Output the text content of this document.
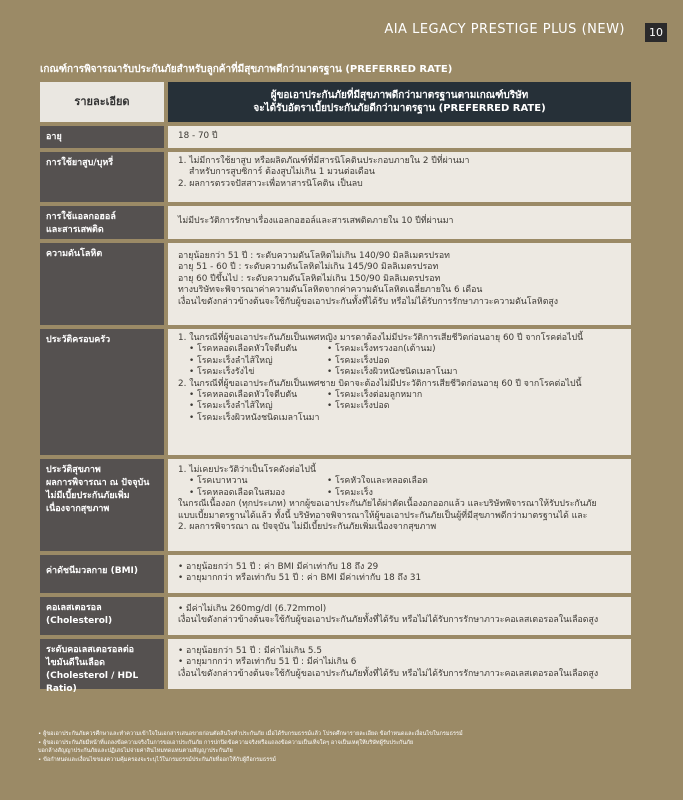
AIA LEGACY PRESTIGE PLUS (NEW)	10
เกณฑ์การพิจารณารับประกันภัยสำหรับลูกค้าที่มีสุขภาพดีกว่ามาตรฐาน (PREFERRED RATE)
รายละเอียด	ผู้ขอเอาประกันภัยที่มีสุขภาพดีกว่ามาตรฐานตามเกณฑ์บริษัท
จะได้รับอัตราเบี้ยประกันภัยดีกว่ามาตรฐาน (PREFERRED RATE)
อายุ	18 - 70 ปี
การใช้ยาสูบ/บุหรี่	1. ไม่มีการใช้ยาสูบ หรือผลิตภัณฑ์ที่มีสารนิโคตินประกอบภายใน 2 ปีที่ผ่านมา
สำหรับการสูบซิการ์ ต้องสูบไม่เกิน 1 มวนต่อเดือน
2. ผลการตรวจปัสสาวะเพื่อหาสารนิโคติน เป็นลบ
การใช้แอลกอฮอล์
และสารเสพติด
ไม่มีประวัติการรักษาเรื่องแอลกอฮอล์และสารเสพติดภายใน 10 ปีที่ผ่านมา
ความดันโลหิต	อายุน้อยกว่า 51 ปี : ระดับความดันโลหิตไม่เกิน 140/90 มิลลิเมตรปรอท
อายุ 51 - 60 ปี : ระดับความดันโลหิตไม่เกิน 145/90 มิลลิเมตรปรอท
อายุ 60 ปีขึ้นไป : ระดับความดันโลหิตไม่เกิน 150/90 มิลลิเมตรปรอท
ทางบริษัทจะพิจารณาค่าความดันโลหิตจากค่าความดันโลหิตเฉลี่ยภายใน 6 เดือน
เงื่อนไขดังกล่าวข้างต้นจะใช้กับผู้ขอเอาประกันทั้งที่ได้รับ หรือไม่ได้รับการรักษาภาวะความดันโลหิตสูง
ประวัติครอบครัว	1. ในกรณีที่ผู้ขอเอาประกันภัยเป็นเพศหญิง มารดาต้องไม่มีประวัติการเสียชีวิตก่อนอายุ 60 ปี จากโรคต่อไปนี้
• โรคหลอดเลือดหัวใจตีบตัน	• โรคมะเร็งทรวงอก(เต้านม)
• โรคมะเร็งลำไส้ใหญ่	• โรคมะเร็งปอด
• โรคมะเร็งรังไข่	• โรคมะเร็งผิวหนังชนิดเมลาโนมา
2. ในกรณีที่ผู้ขอเอาประกันภัยเป็นเพศชาย บิดาจะต้องไม่มีประวัติการเสียชีวิตก่อนอายุ 60 ปี จากโรคต่อไปนี้
• โรคหลอดเลือดหัวใจตีบตัน	• โรคมะเร็งต่อมลูกหมาก
• โรคมะเร็งลำไส้ใหญ่	• โรคมะเร็งปอด
• โรคมะเร็งผิวหนังชนิดเมลาโนมา
ประวัติสุขภาพ
ผลการพิจารณา ณ ปัจจุบัน
ไม่มีเบี้ยประกันภัยเพิ่ม
เนื่องจากสุขภาพ
1. ไม่เคยประวัติว่าเป็นโรคดังต่อไปนี้
• โรคเบาหวาน	• โรคหัวใจและหลอดเลือด
• โรคหลอดเลือดในสมอง	• โรคมะเร็ง
ในกรณีเนื้องอก (ทุกประเภท) หากผู้ขอเอาประกันภัยได้ผ่าตัดเนื้องอกออกแล้ว และบริษัทพิจารณาให้รับประกันภัย
แบบเบี้ยมาตรฐานได้แล้ว ทั้งนี้ บริษัทอาจพิจารณาให้ผู้ขอเอาประกันภัยเป็นผู้ที่มีสุขภาพดีกว่ามาตรฐานได้ และ
2. ผลการพิจารณา ณ ปัจจุบัน ไม่มีเบี้ยประกันภัยเพิ่มเนื่องจากสุขภาพ
ค่าดัชนีมวลกาย (BMI)	• อายุน้อยกว่า 51 ปี : ค่า BMI มีค่าเท่ากับ 18 ถึง 29
• อายุมากกว่า หรือเท่ากับ 51 ปี : ค่า BMI มีค่าเท่ากับ 18 ถึง 31
คอเลสเตอรอล
(Cholesterol)
• มีค่าไม่เกิน 260mg/dl (6.72mmol)
เงื่อนไขดังกล่าวข้างต้นจะใช้กับผู้ขอเอาประกันภัยทั้งที่ได้รับ หรือไม่ได้รับการรักษาภาวะคอเลสเตอรอลในเลือดสูง
ระดับคอเลสเตอรอลต่อ
ไขมันดีในเลือด
(Cholesterol / HDL Ratio)
• อายุน้อยกว่า 51 ปี : มีค่าไม่เกิน 5.5
• อายุมากกว่า หรือเท่ากับ 51 ปี : มีค่าไม่เกิน 6
เงื่อนไขดังกล่าวข้างต้นจะใช้กับผู้ขอเอาประกันภัยทั้งที่ได้รับ หรือไม่ได้รับการรักษาภาวะคอเลสเตอรอลในเลือดสูง
• ผู้ขอเอาประกันภัยควรศึกษาและทำความเข้าใจในเอกสารเสนอขายก่อนตัดสินใจทำประกันภัย เมื่อได้รับกรมธรรม์แล้ว โปรดศึกษารายละเอียด ข้อกำหนดและเงื่อนไขในกรมธรรม์
• ผู้ขอเอาประกันภัยมีหน้าที่แถลงข้อความจริงในการขอเอาประกันภัย การปกปิดข้อความจริงหรือแถลงข้อความเป็นเท็จใดๆ อาจเป็นเหตุให้บริษัทผู้รับประกันภัย
บอกล้างสัญญาประกันภัยและปฏิเสธไม่จ่ายค่าสินไหมทดแทนตามสัญญาประกันภัย
• ข้อกำหนดและเงื่อนไขของความคุ้มครองจะระบุไว้ในกรมธรรม์ประกันภัยที่ออกให้กับผู้ถือกรมธรรม์
